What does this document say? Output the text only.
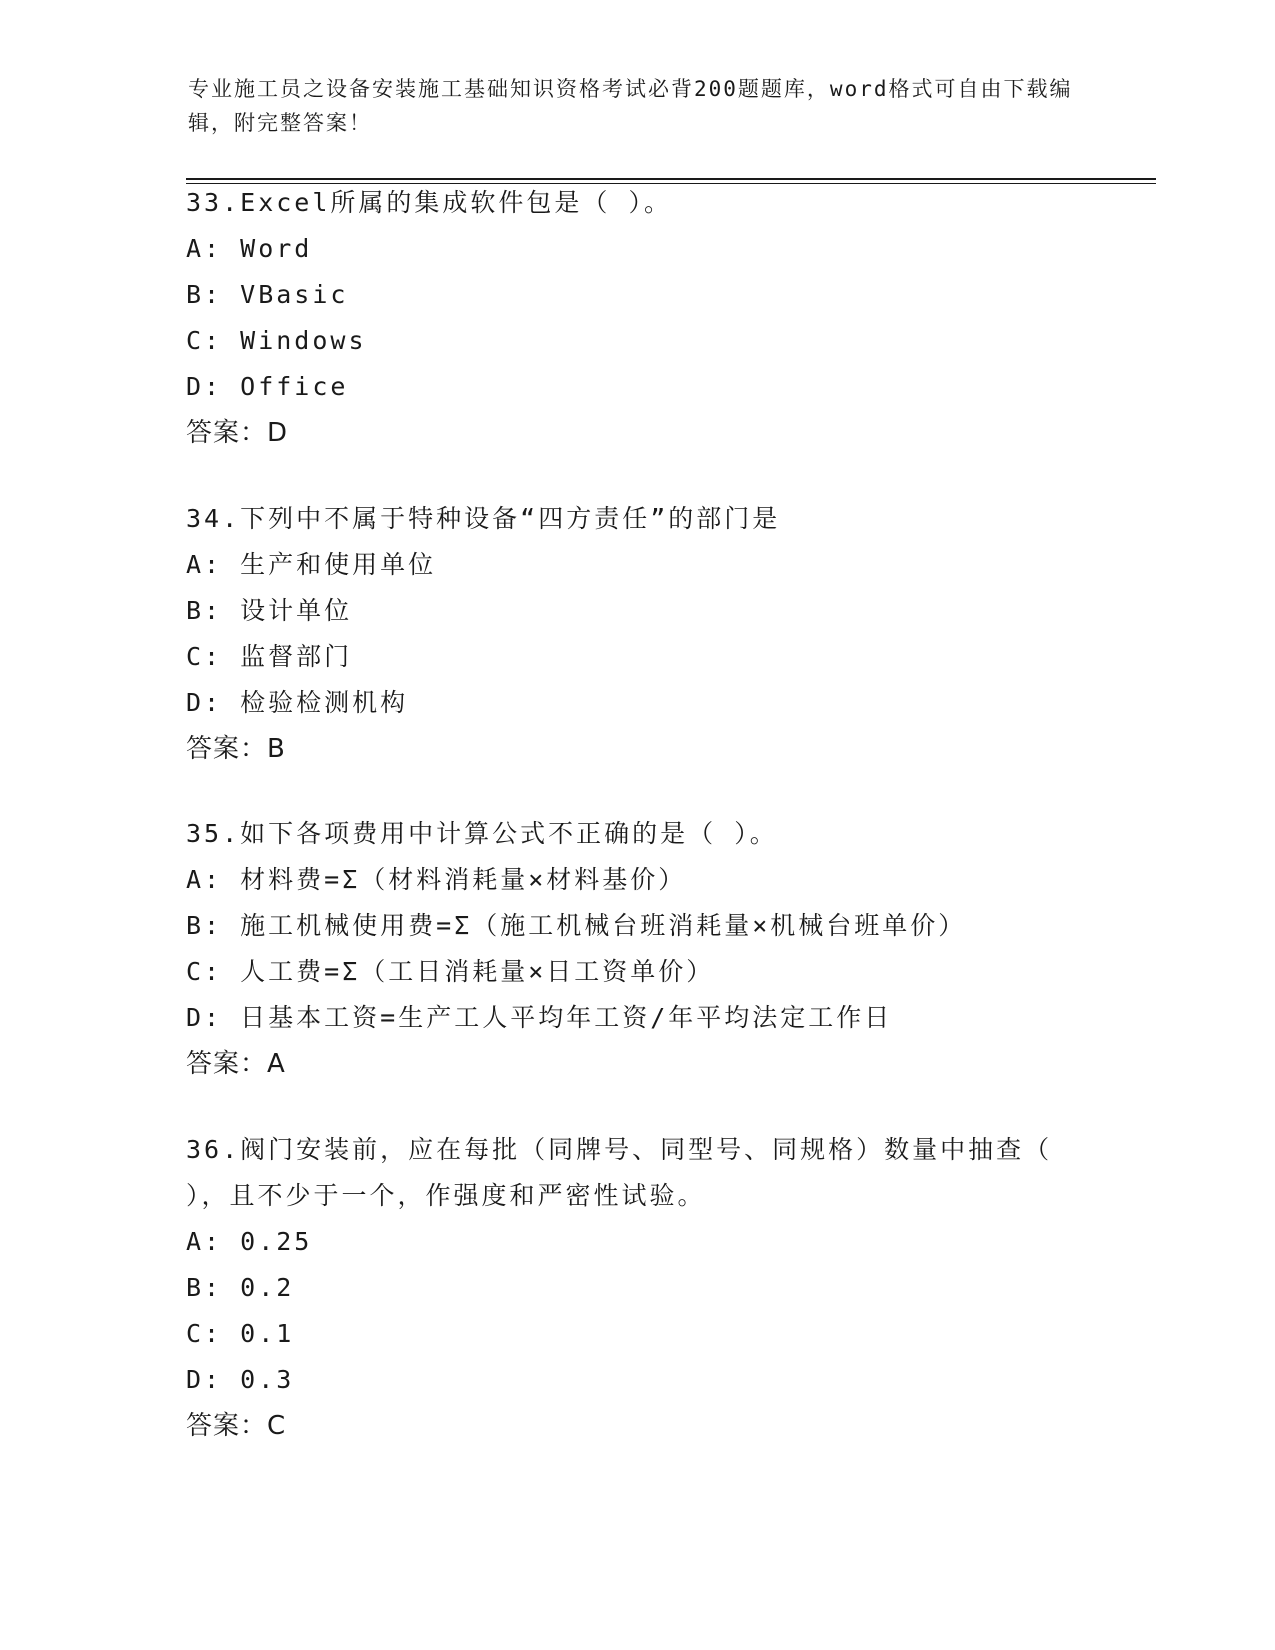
专业施工员之设备安装施工基础知识资格考试必背200题题库，word格式可自由下载编辑，附完整答案！
33.Excel所属的集成软件包是（ ）。
A: Word
B: VBasic
C: Windows
D: Office
答案：D
34.下列中不属于特种设备“四方责任”的部门是
A: 生产和使用单位
B: 设计单位
C: 监督部门
D: 检验检测机构
答案：B
35.如下各项费用中计算公式不正确的是（ ）。
A: 材料费=Σ（材料消耗量×材料基价）
B: 施工机械使用费=Σ（施工机械台班消耗量×机械台班单价）
C: 人工费=Σ（工日消耗量×日工资单价）
D: 日基本工资=生产工人平均年工资/年平均法定工作日
答案：A
36.阀门安装前，应在每批（同牌号、同型号、同规格）数量中抽查（
），且不少于一个，作强度和严密性试验。
A: 0.25
B: 0.2
C: 0.1
D: 0.3
答案：C
